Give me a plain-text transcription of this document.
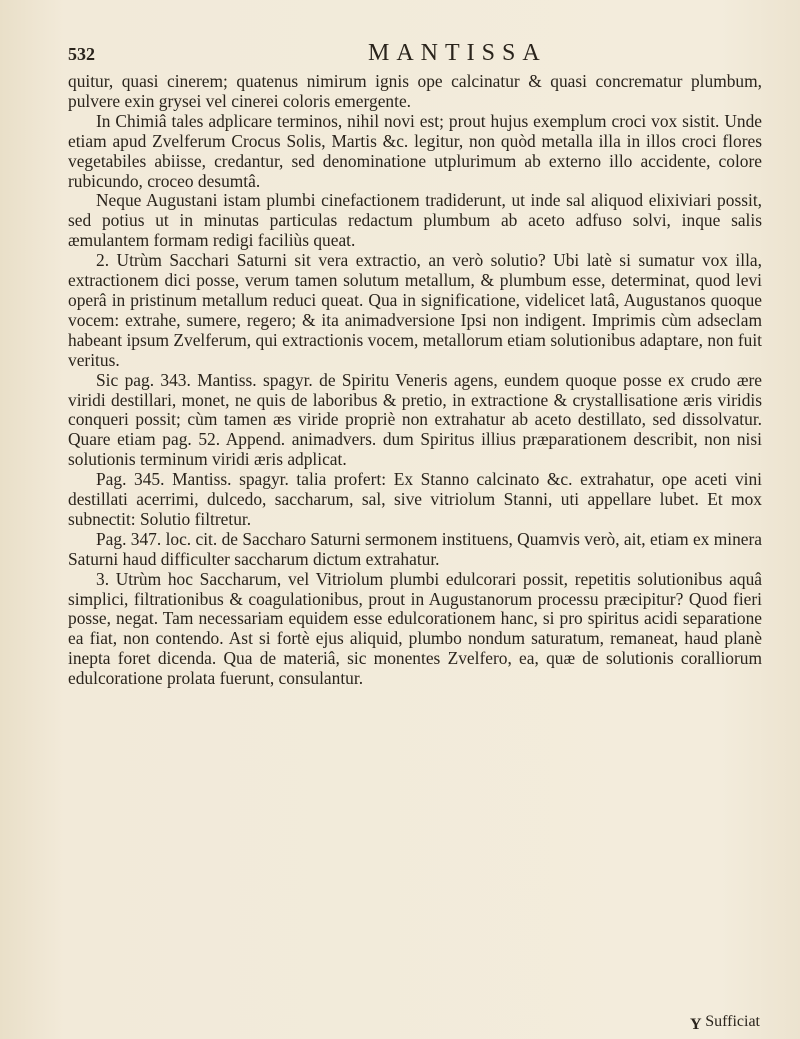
532	MANTISSA

quitur, quasi cinerem; quatenus nimirum ignis ope calcinatur & quasi concrematur plumbum, pulvere exin grysei vel cinerei coloris emergente.

In Chimiâ tales adplicare terminos, nihil novi est; prout hujus exemplum croci vox sistit. Unde etiam apud Zvelferum Crocus Solis, Martis &c. legitur, non quòd metalla illa in illos croci flores vegetabiles abiisse, credantur, sed denominatione utplurimum ab externo illo accidente, colore rubicundo, croceo desumtâ.

Neque Augustani istam plumbi cinefactionem tradiderunt, ut inde sal aliquod elixiviari possit, sed potius ut in minutas particulas redactum plumbum ab aceto adfuso solvi, inque salis æmulantem formam redigi faciliùs queat.

2. Utrùm Sacchari Saturni sit vera extractio, an verò solutio? Ubi latè si sumatur vox illa, extractionem dici posse, verum tamen solutum metallum, & plumbum esse, determinat, quod levi operâ in pristinum metallum reduci queat. Qua in significatione, videlicet latâ, Augustanos quoque vocem: extrahe, sumere, regero; & ita animadversione Ipsi non indigent. Imprimis cùm adseclam habeant ipsum Zvelferum, qui extractionis vocem, metallorum etiam solutionibus adaptare, non fuit veritus.

Sic pag. 343. Mantiss. spagyr. de Spiritu Veneris agens, eundem quoque posse ex crudo ære viridi destillari, monet, ne quis de laboribus & pretio, in extractione & crystallisatione æris viridis conqueri possit; cùm tamen æs viride propriè non extrahatur ab aceto destillato, sed dissolvatur. Quare etiam pag. 52. Append. animadvers. dum Spiritus illius præparationem describit, non nisi solutionis terminum viridi æris adplicat.

Pag. 345. Mantiss. spagyr. talia profert: Ex Stanno calcinato &c. extrahatur, ope aceti vini destillati acerrimi, dulcedo, saccharum, sal, sive vitriolum Stanni, uti appellare lubet. Et mox subnectit: Solutio filtretur.

Pag. 347. loc. cit. de Saccharo Saturni sermonem instituens, Quamvis verò, ait, etiam ex minera Saturni haud difficulter saccharum dictum extrahatur.

3. Utrùm hoc Saccharum, vel Vitriolum plumbi edulcorari possit, repetitis solutionibus aquâ simplici, filtrationibus & coagulationibus, prout in Augustanorum processu præcipitur? Quod fieri posse, negat. Tam necessariam equidem esse edulcorationem hanc, si pro spiritus acidi separatione ea fiat, non contendo. Ast si fortè ejus aliquid, plumbo nondum saturatum, remaneat, haud planè inepta foret dicenda. Qua de materiâ, sic monentes Zvelfero, ea, quæ de solutionis coralliorum edulcoratione prolata fuerunt, consulantur.

Y Sufficiat
